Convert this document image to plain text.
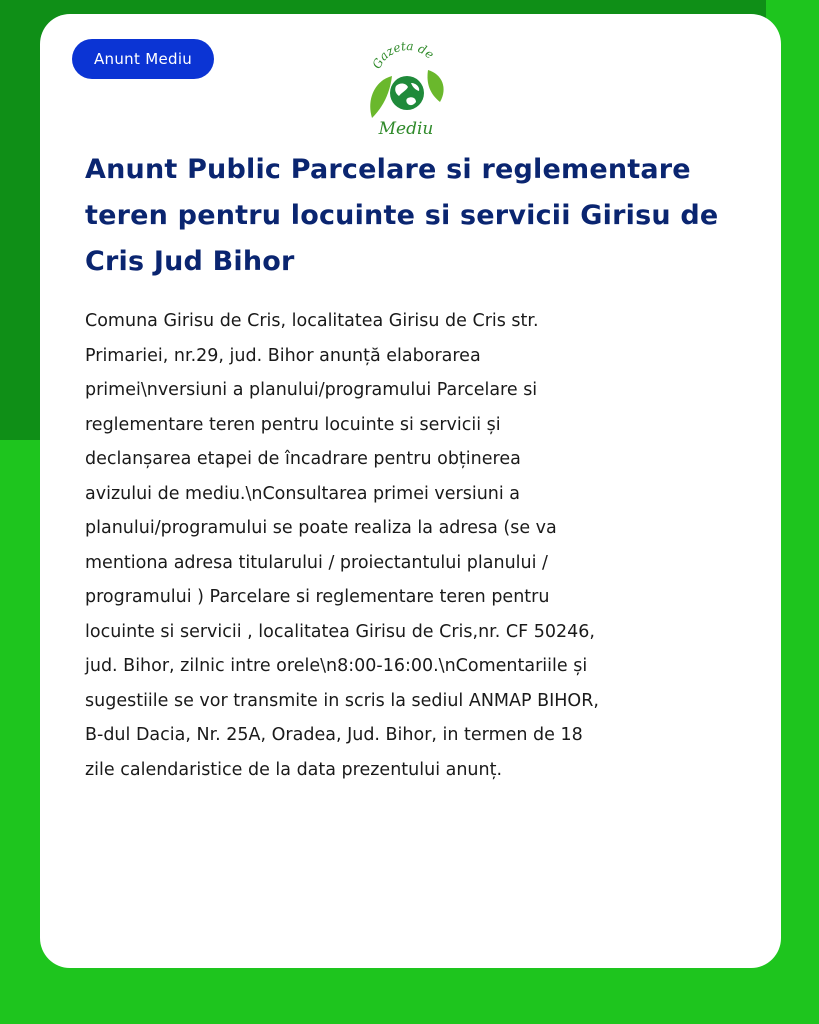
Anunt Mediu	Gazeta de
Mediu
Anunt Public Parcelare si reglementare teren pentru locuinte si servicii Girisu de Cris Jud Bihor
Comuna Girisu de Cris, localitatea Girisu de Cris str.
Primariei, nr.29, jud. Bihor anunță elaborarea
primei\nversiuni a planului/programului Parcelare si
reglementare teren pentru locuinte si servicii și
declanșarea etapei de încadrare pentru obținerea
avizului de mediu.\nConsultarea primei versiuni a
planului/programului se poate realiza la adresa (se va
mentiona adresa titularului / proiectantului planului /
programului ) Parcelare si reglementare teren pentru
locuinte si servicii , localitatea Girisu de Cris,nr. CF 50246,
jud. Bihor, zilnic intre orele\n8:00-16:00.\nComentariile și
sugestiile se vor transmite in scris la sediul ANMAP BIHOR,
B-dul Dacia, Nr. 25A, Oradea, Jud. Bihor, in termen de 18
zile calendaristice de la data prezentului anunț.
